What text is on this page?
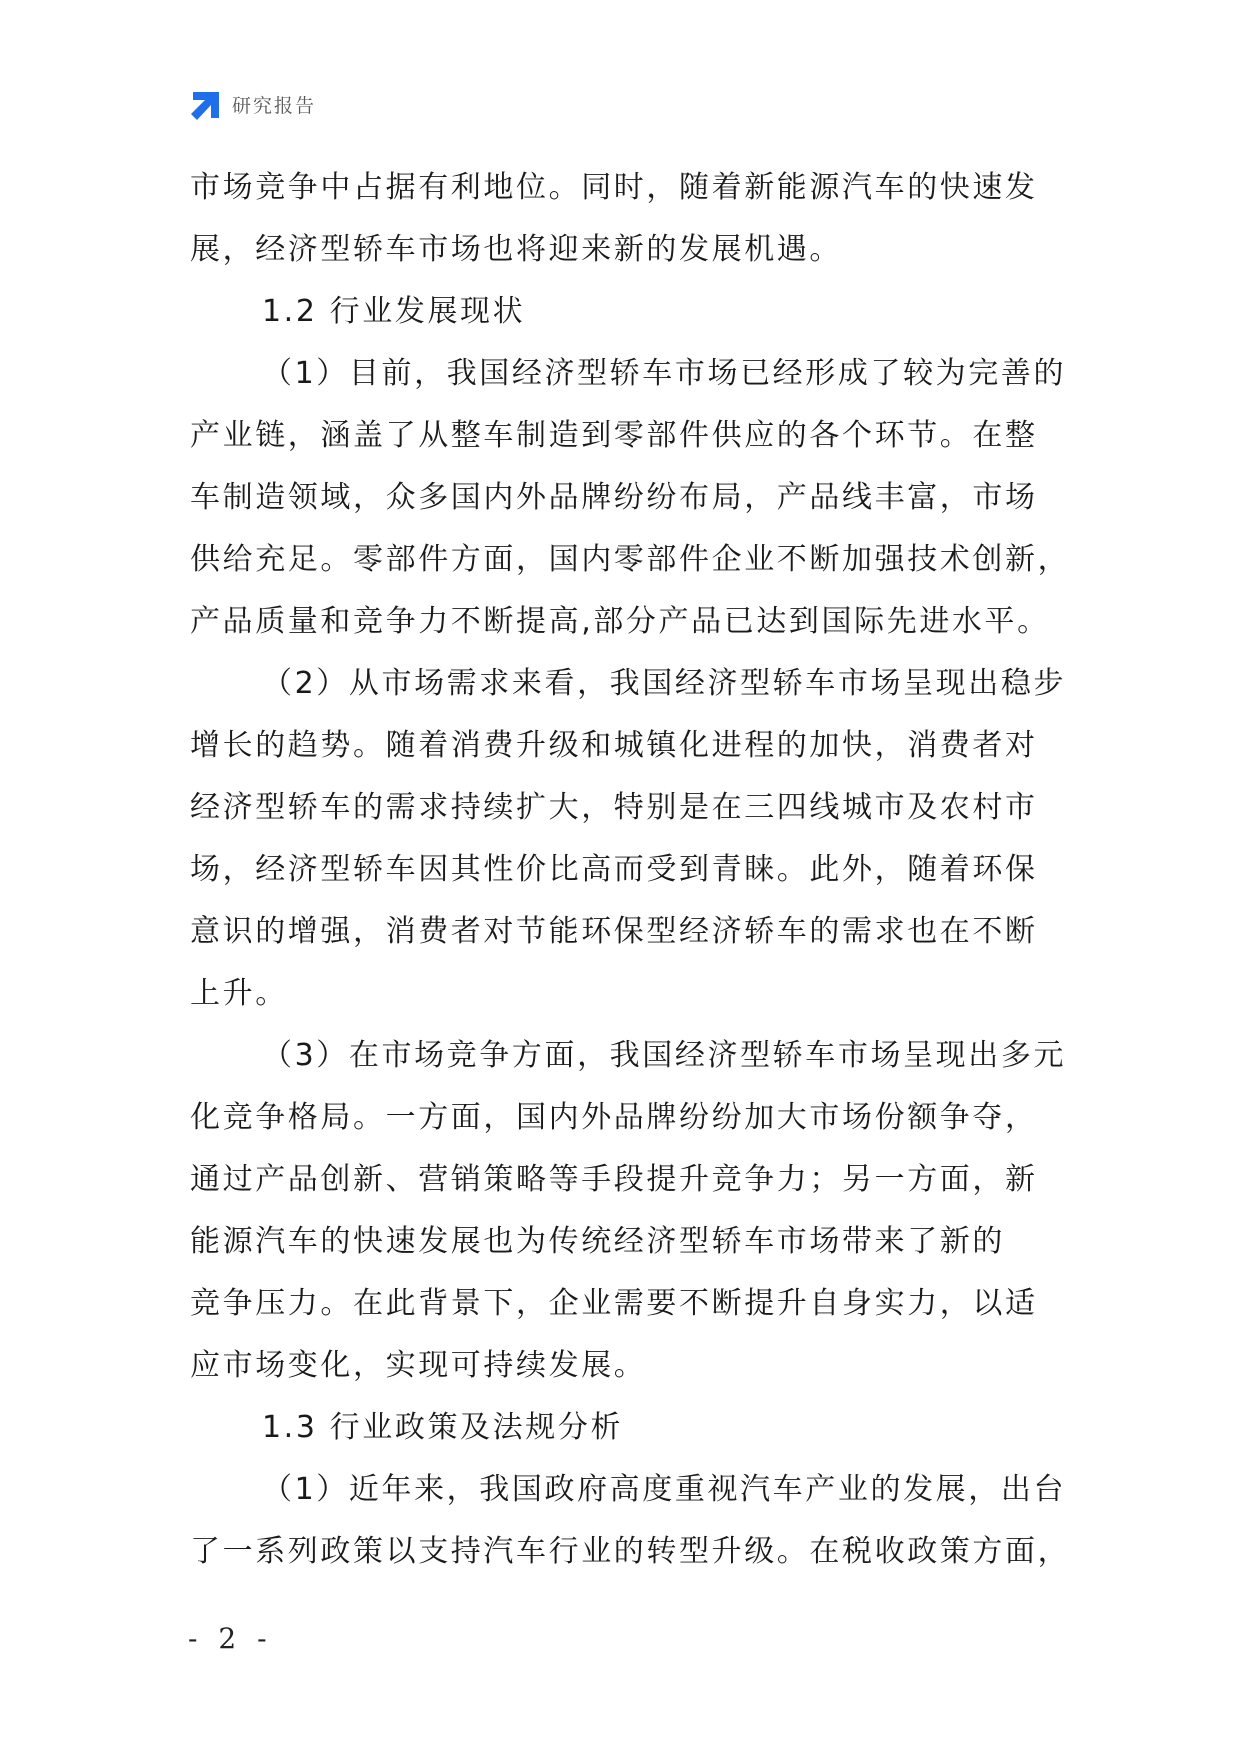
研究报告
市场竞争中占据有利地位。同时，随着新能源汽车的快速发
展，经济型轿车市场也将迎来新的发展机遇。
1.2 行业发展现状
（1）目前，我国经济型轿车市场已经形成了较为完善的
产业链，涵盖了从整车制造到零部件供应的各个环节。在整
车制造领域，众多国内外品牌纷纷布局，产品线丰富，市场
供给充足。零部件方面，国内零部件企业不断加强技术创新，
产品质量和竞争力不断提高,部分产品已达到国际先进水平。
（2）从市场需求来看，我国经济型轿车市场呈现出稳步
增长的趋势。随着消费升级和城镇化进程的加快，消费者对
经济型轿车的需求持续扩大，特别是在三四线城市及农村市
场，经济型轿车因其性价比高而受到青睐。此外，随着环保
意识的增强，消费者对节能环保型经济轿车的需求也在不断
上升。
（3）在市场竞争方面，我国经济型轿车市场呈现出多元
化竞争格局。一方面，国内外品牌纷纷加大市场份额争夺，
通过产品创新、营销策略等手段提升竞争力；另一方面，新
能源汽车的快速发展也为传统经济型轿车市场带来了新的
竞争压力。在此背景下，企业需要不断提升自身实力，以适
应市场变化，实现可持续发展。
1.3 行业政策及法规分析
（1）近年来，我国政府高度重视汽车产业的发展，出台
了一系列政策以支持汽车行业的转型升级。在税收政策方面，
- 2 -
